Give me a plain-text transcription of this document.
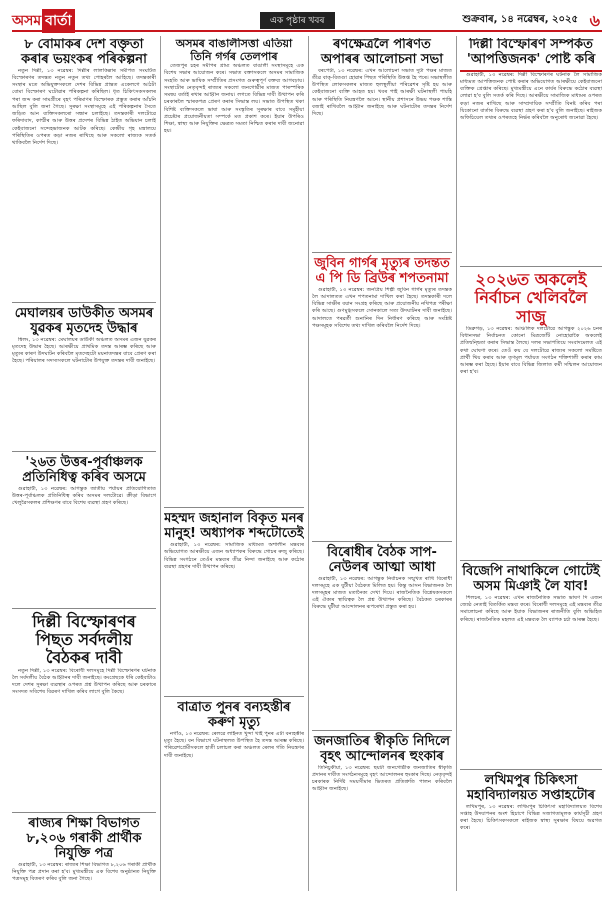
অসম বার্তা	এক পৃষ্ঠাৰ খবৰ	শুক্রবাৰ, ১৪ নৱেম্বৰ, ২০২৫ ৬
৮ বোমাকৰ দেশ বক্তৃতা কৰাৰ ভয়ংকৰ পৰিকল্পনা

নতুন দিল্লী, ১৩ নৱেম্বৰ: দিল্লীৰ লালকিল্লাৰ সমীপত সংঘটিত বিস্ফোৰণৰ তদন্তত নতুন নতুন তথ্য পোহৰলৈ আহিছে। তদন্তকাৰী সংস্থাৰ মতে অভিযুক্তসকলে দেশৰ বিভিন্ন প্ৰান্তত একেলগে আঠটা বোমা বিস্ফোৰণ ঘটোৱাৰ পৰিকল্পনা কৰিছিল। ধৃত চিকিৎসকসকলৰ পৰা জব্দ কৰা সামগ্ৰীৰে বৃহৎ পৰিমাণৰ বিস্ফোৰক প্ৰস্তুত কৰাৰ আঁচনি আছিল বুলি জনা গৈছে। সুৰক্ষা সংস্থাসমূহে এই পৰিকল্পনাৰ সৈতে জড়িত আন ব্যক্তিসকলৰো সন্ধান চলাইছে। তদন্তকাৰী দলটোৱে ফৰিদাবাদ, কাশ্মীৰ আৰু উত্তৰ প্ৰদেশৰ বিভিন্ন ঠাইত অভিযান চলাই কেইবাজনো সন্দেহভাজনক আটক কৰিছে। কেন্দ্ৰীয় গৃহ মন্ত্ৰালয়ে পৰিস্থিতিৰ ওপৰত কড়া নজৰ ৰাখিছে আৰু সকলো ৰাজ্যক সতৰ্ক থাকিবলৈ নিৰ্দেশ দিছে।

মেঘালয়ৰ ডাউকীত অসমৰ যুৱকৰ মৃতদেহ উদ্ধাৰ

শ্বিলং, ১৩ নৱেম্বৰ: মেঘালয়ৰ ডাউকী অঞ্চলত অসমৰ এজন যুৱকৰ মৃতদেহ উদ্ধাৰ হৈছে। আৰক্ষীয়ে প্ৰাথমিক তদন্ত আৰম্ভ কৰিছে আৰু মৃত্যুৰ কাৰণ উদঘাটন কৰিবলৈ মৃতদেহটো ময়নাতদন্তৰ বাবে প্ৰেৰণ কৰা হৈছে। পৰিয়ালৰ সদস্যসকলে ঘটনাটোৰ উপযুক্ত তদন্তৰ দাবী জনাইছে।

'২৬ত উত্তৰ-পূৰ্বাঞ্চলক প্ৰতিনিধিত্ব কৰিব অসমে

গুৱাহাটী, ১৩ নৱেম্বৰ: আগন্তুক জাতীয় পৰ্যায়ৰ প্ৰতিযোগিতাত উত্তৰ-পূৰ্বাঞ্চলক প্ৰতিনিধিত্ব কৰিব অসমৰ দলটোৱে। ক্ৰীড়া বিভাগে খেলুৱৈসকলৰ প্ৰশিক্ষণৰ বাবে বিশেষ ব্যৱস্থা গ্ৰহণ কৰিছে।

দিল্লী বিস্ফোৰণৰ পিছত সৰ্বদলীয় বৈঠকৰ দাবী

নতুন দিল্লী, ১৩ নৱেম্বৰ: বিৰোধী দলসমূহে দিল্লী বিস্ফোৰণৰ ঘটনাক লৈ সৰ্বদলীয় বৈঠক আহ্বানৰ দাবী জনাইছে। কংগ্ৰেছকে ধৰি কেইবাটাও দলে দেশৰ সুৰক্ষা ব্যৱস্থাৰ ওপৰত প্ৰশ্ন উত্থাপন কৰিছে আৰু চৰকাৰে সংসদত সবিশেষ বিৱৰণ দাখিল কৰিব লাগে বুলি কৈছে।

ৰাজ্যৰ শিক্ষা বিভাগত ৮,২০৬ গৰাকী প্ৰাৰ্থীক নিযুক্তি পত্ৰ

গুৱাহাটী, ১৩ নৱেম্বৰ: ৰাজ্যৰ শিক্ষা বিভাগত ৮,২০৬ গৰাকী প্ৰাৰ্থীক নিযুক্তি পত্ৰ প্ৰদান কৰা হ'ব। মুখ্যমন্ত্ৰীয়ে এক বিশেষ অনুষ্ঠানত নিযুক্তি পত্ৰসমূহ বিতৰণ কৰিব বুলি জনা গৈছে।

অসমৰ বাঙালীসত্তা এতিয়া তিনি গৰ্গৰ তেলপাৰ

তেজপুৰ চহৰ সমীপৰ গ্ৰাম্য অঞ্চলত বাঙালী সংস্থাসমূহে এক বিশেষ সভাৰ আয়োজন কৰে। সভাত বক্তাসকলে অসমৰ সামাজিক সংহতি আৰু ভাষিক সম্প্ৰীতিৰ প্ৰসংগত গুৰুত্বপূৰ্ণ বক্তব্য আগবঢ়ায়। সংস্থাটোৰ নেতৃবৃন্দই ৰাজ্যৰ সকলো জনগোষ্ঠীৰ মাজত পাৰস্পৰিক সমন্বয় বৰ্তাই ৰখাৰ আহ্বান জনায়। লগতে বিভিন্ন দাবী উত্থাপন কৰি চৰকাৰলৈ স্মাৰকপত্ৰ প্ৰেৰণ কৰাৰ সিদ্ধান্ত লয়। সভাত উপস্থিত থকা বিশিষ্ট ব্যক্তিসকলে ভাষা আৰু সংস্কৃতিৰ সুৰক্ষাৰ বাবে সমূহীয়া প্ৰচেষ্টাৰ প্ৰয়োজনীয়তা সম্পৰ্কে মত প্ৰকাশ কৰে। ইয়াৰ উপৰিও শিক্ষা, স্বাস্থ্য আৰু নিযুক্তিৰ ক্ষেত্ৰত সমতা নিশ্চিত কৰাৰ দাবী জনোৱা হয়।

মহম্মদ জহানাল বিকৃত মনৰ মানুহ! অধ্যাপক শব্দটোতেই

গুৱাহাটী, ১৩ নৱেম্বৰ: সামাজিক মাধ্যমত অশালীন মন্তব্যৰ অভিযোগত আৰক্ষীয়ে এজন অধ্যাপকৰ বিৰুদ্ধে গোচৰ ৰুজু কৰিছে। বিভিন্ন সংগঠনে তেওঁৰ মন্তব্যৰ তীব্ৰ নিন্দা জনাইছে আৰু কঠোৰ ব্যৱস্থা গ্ৰহণৰ দাবী উত্থাপন কৰিছে।

বাত্ৰাত পুনৰ বন্যহস্তীৰ কৰুণ মৃত্যু

নগাঁও, ১৩ নৱেম্বৰ: ৰেলৱে লাইনত খুন্দা খাই পুনৰ এটা বন্যহস্তীৰ মৃত্যু হৈছে। বন বিভাগে ঘটনাস্থলত উপস্থিত হৈ তদন্ত আৰম্ভ কৰিছে। পৰিৱেশপ্ৰেমীসকলে হাতী চলাচল কৰা অঞ্চলত ৰেলৰ গতি নিয়ন্ত্ৰণৰ দাবী জনাইছে।

ৰণক্ষেত্ৰলৈ পৰিণত অপাৰৰ আলোচনা সভা

বৰপেটা, ১৩ নৱেম্বৰ: এখন আলোচনা সভাত দুটা পক্ষৰ মাজত তীব্ৰ বাক্-বিতণ্ডা হোৱাৰ পিছত পৰিস্থিতি উত্তপ্ত হৈ পৰে। সভাস্থলীত উপস্থিত লোকসকলৰ মাজত হুলস্থুলীয়া পৰিৱেশৰ সৃষ্টি হয় আৰু কেইবাজনো ব্যক্তি আহত হয়। খবৰ পাই আৰক্ষী ঘটনাস্থলী পায়হি আৰু পৰিস্থিতি নিয়ন্ত্ৰণলৈ আনে। স্থানীয় প্ৰশাসনে উভয় পক্ষক শান্তি বজাই ৰাখিবলৈ আহ্বান জনাইছে আৰু ঘটনাটোৰ তদন্তৰ নিৰ্দেশ দিছে।

জুবিন গাৰ্গৰ মৃত্যুৰ তদন্তত এ পি ডি ব্ৰিউৰ শপতনামা

গুৱাহাটী, ১৩ নৱেম্বৰ: জনপ্ৰিয় শিল্পী জুবিন গাৰ্গৰ মৃত্যুৰ তদন্তক লৈ আদালতত এখন শপতনামা দাখিল কৰা হৈছে। তদন্তকাৰী দলে বিভিন্ন সাক্ষীৰ বয়ান সংগ্ৰহ কৰিছে আৰু প্ৰয়োজনীয় নথিপত্ৰ পৰীক্ষা কৰি আছে। গুণমুগ্ধসকলে সোনকালে সত্য উদঘাটনৰ দাবী জনাইছে। আদালতে পৰৱৰ্তী শুনানিৰ দিন নিৰ্ধাৰণ কৰিছে আৰু সংশ্লিষ্ট পক্ষসমূহক সবিশেষ তথ্য দাখিল কৰিবলৈ নিৰ্দেশ দিছে।

বিৰোধীৰ বৈঠক সাপ-নেউলৰ আত্মা আধা

গুৱাহাটী, ১৩ নৱেম্বৰ: আগন্তুক নিৰ্বাচনক সন্মুখত ৰাখি বিৰোধী দলসমূহে এক যুটীয়া বৈঠকত মিলিত হয়। কিন্তু আসন বিভাজনক লৈ দলসমূহৰ মাজত মতানৈক্য দেখা দিয়ে। ৰাজনৈতিক বিশ্লেষকসকলে এই ঐক্যৰ স্থায়িত্বক লৈ প্ৰশ্ন উত্থাপন কৰিছে। বৈঠকত চৰকাৰৰ বিৰুদ্ধে যুটীয়া আন্দোলনৰ ৰূপৰেখা প্ৰস্তুত কৰা হয়।

জনজাতিৰ স্বীকৃতি নিদিলে বৃহৎ আন্দোলনৰ হুংকাৰ

তিনিচুকীয়া, ১৩ নৱেম্বৰ: ছয়টা জনগোষ্ঠীক জনজাতিৰ স্বীকৃতি প্ৰদানৰ দাবীত সংগঠনসমূহে বৃহৎ আন্দোলনৰ হুংকাৰ দিছে। নেতৃবৃন্দই চৰকাৰক নিৰ্দিষ্ট সময়সীমাৰ ভিতৰত প্ৰতিশ্ৰুতি পালন কৰিবলৈ আহ্বান জনাইছে।

দিল্লী বিস্ফোৰণ সম্পৰ্কত 'আপত্তিজনক' পোষ্ট কৰি

গুৱাহাটী, ১৩ নৱেম্বৰ: দিল্লী বিস্ফোৰণৰ ঘটনাক লৈ সামাজিক মাধ্যমত আপত্তিজনক পোষ্ট কৰাৰ অভিযোগত আৰক্ষীয়ে কেইবাজনো ব্যক্তিক গ্ৰেপ্তাৰ কৰিছে। মুখ্যমন্ত্ৰীয়ে এনে কাৰ্যৰ বিৰুদ্ধে কঠোৰ ব্যৱস্থা লোৱা হ'ব বুলি সতৰ্ক কৰি দিছে। আৰক্ষীয়ে সামাজিক মাধ্যমৰ ওপৰত কড়া নজৰ ৰাখিছে আৰু সাম্প্ৰদায়িক সম্প্ৰীতি বিনষ্ট কৰিব পৰা যিকোনো বাৰ্তাৰ বিৰুদ্ধে ব্যৱস্থা গ্ৰহণ কৰা হ'ব বুলি জনাইছে। ৰাইজক অফিচিয়েল তথ্যৰ ওপৰতহে নিৰ্ভৰ কৰিবলৈ অনুৰোধ জনোৱা হৈছে।

২০২৬ত অকলেই নিৰ্বাচন খেলিবলৈ সাজু

ডিব্ৰুগড়, ১৩ নৱেম্বৰ: আঞ্চলিক দলটোৱে আগন্তুক ২০২৬ চনৰ বিধানসভা নিৰ্বাচনত কোনো মিত্ৰজোঁট নোহোৱাকৈ অকলেই প্ৰতিদ্বন্দ্বিতা কৰাৰ সিদ্ধান্ত লৈছে। দলৰ সভাপতিয়ে সংবাদমেলত এই কথা ঘোষণা কৰে। তেওঁ কয় যে দলটোৱে ৰাজ্যৰ সকলো সমষ্টিতে প্ৰাৰ্থী থিয় কৰাব আৰু তৃণমূল পৰ্যায়ত সংগঠন শক্তিশালী কৰাৰ কাম আৰম্ভ কৰা হৈছে। ইয়াৰ বাবে বিভিন্ন জিলাত কৰ্মী সন্মিলন আয়োজন কৰা হ'ব।

বিজেপি নাথাকিলে গোটেই অসম মিঞাই লৈ যাব!

শিলচৰ, ১৩ নৱেম্বৰ: এখন ৰাজনৈতিক সভাত ভাষণ দি এজন জ্যেষ্ঠ নেতাই বিতৰ্কিত মন্তব্য কৰে। বিৰোধী দলসমূহে এই মন্তব্যৰ তীব্ৰ সমালোচনা কৰিছে আৰু ইয়াক বিভাজনৰ ৰাজনীতি বুলি অভিহিত কৰিছে। ৰাজনৈতিক মহলত এই মন্তব্যক লৈ ব্যাপক চৰ্চা আৰম্ভ হৈছে।

লখিমপুৰ চিকিৎসা মহাবিদ্যালয়ত সপ্তাহটোৰ

লখিমপুৰ, ১৩ নৱেম্বৰ: লখিমপুৰ চিকিৎসা মহাবিদ্যালয়ত বিশেষ সপ্তাহ উদযাপনৰ অংশ হিচাপে বিভিন্ন সজাগতামূলক কাৰ্যসূচী গ্ৰহণ কৰা হৈছে। চিকিৎসকসকলে ৰাইজক স্বাস্থ্য সুৰক্ষাৰ বিষয়ে অৱগত কৰে।
